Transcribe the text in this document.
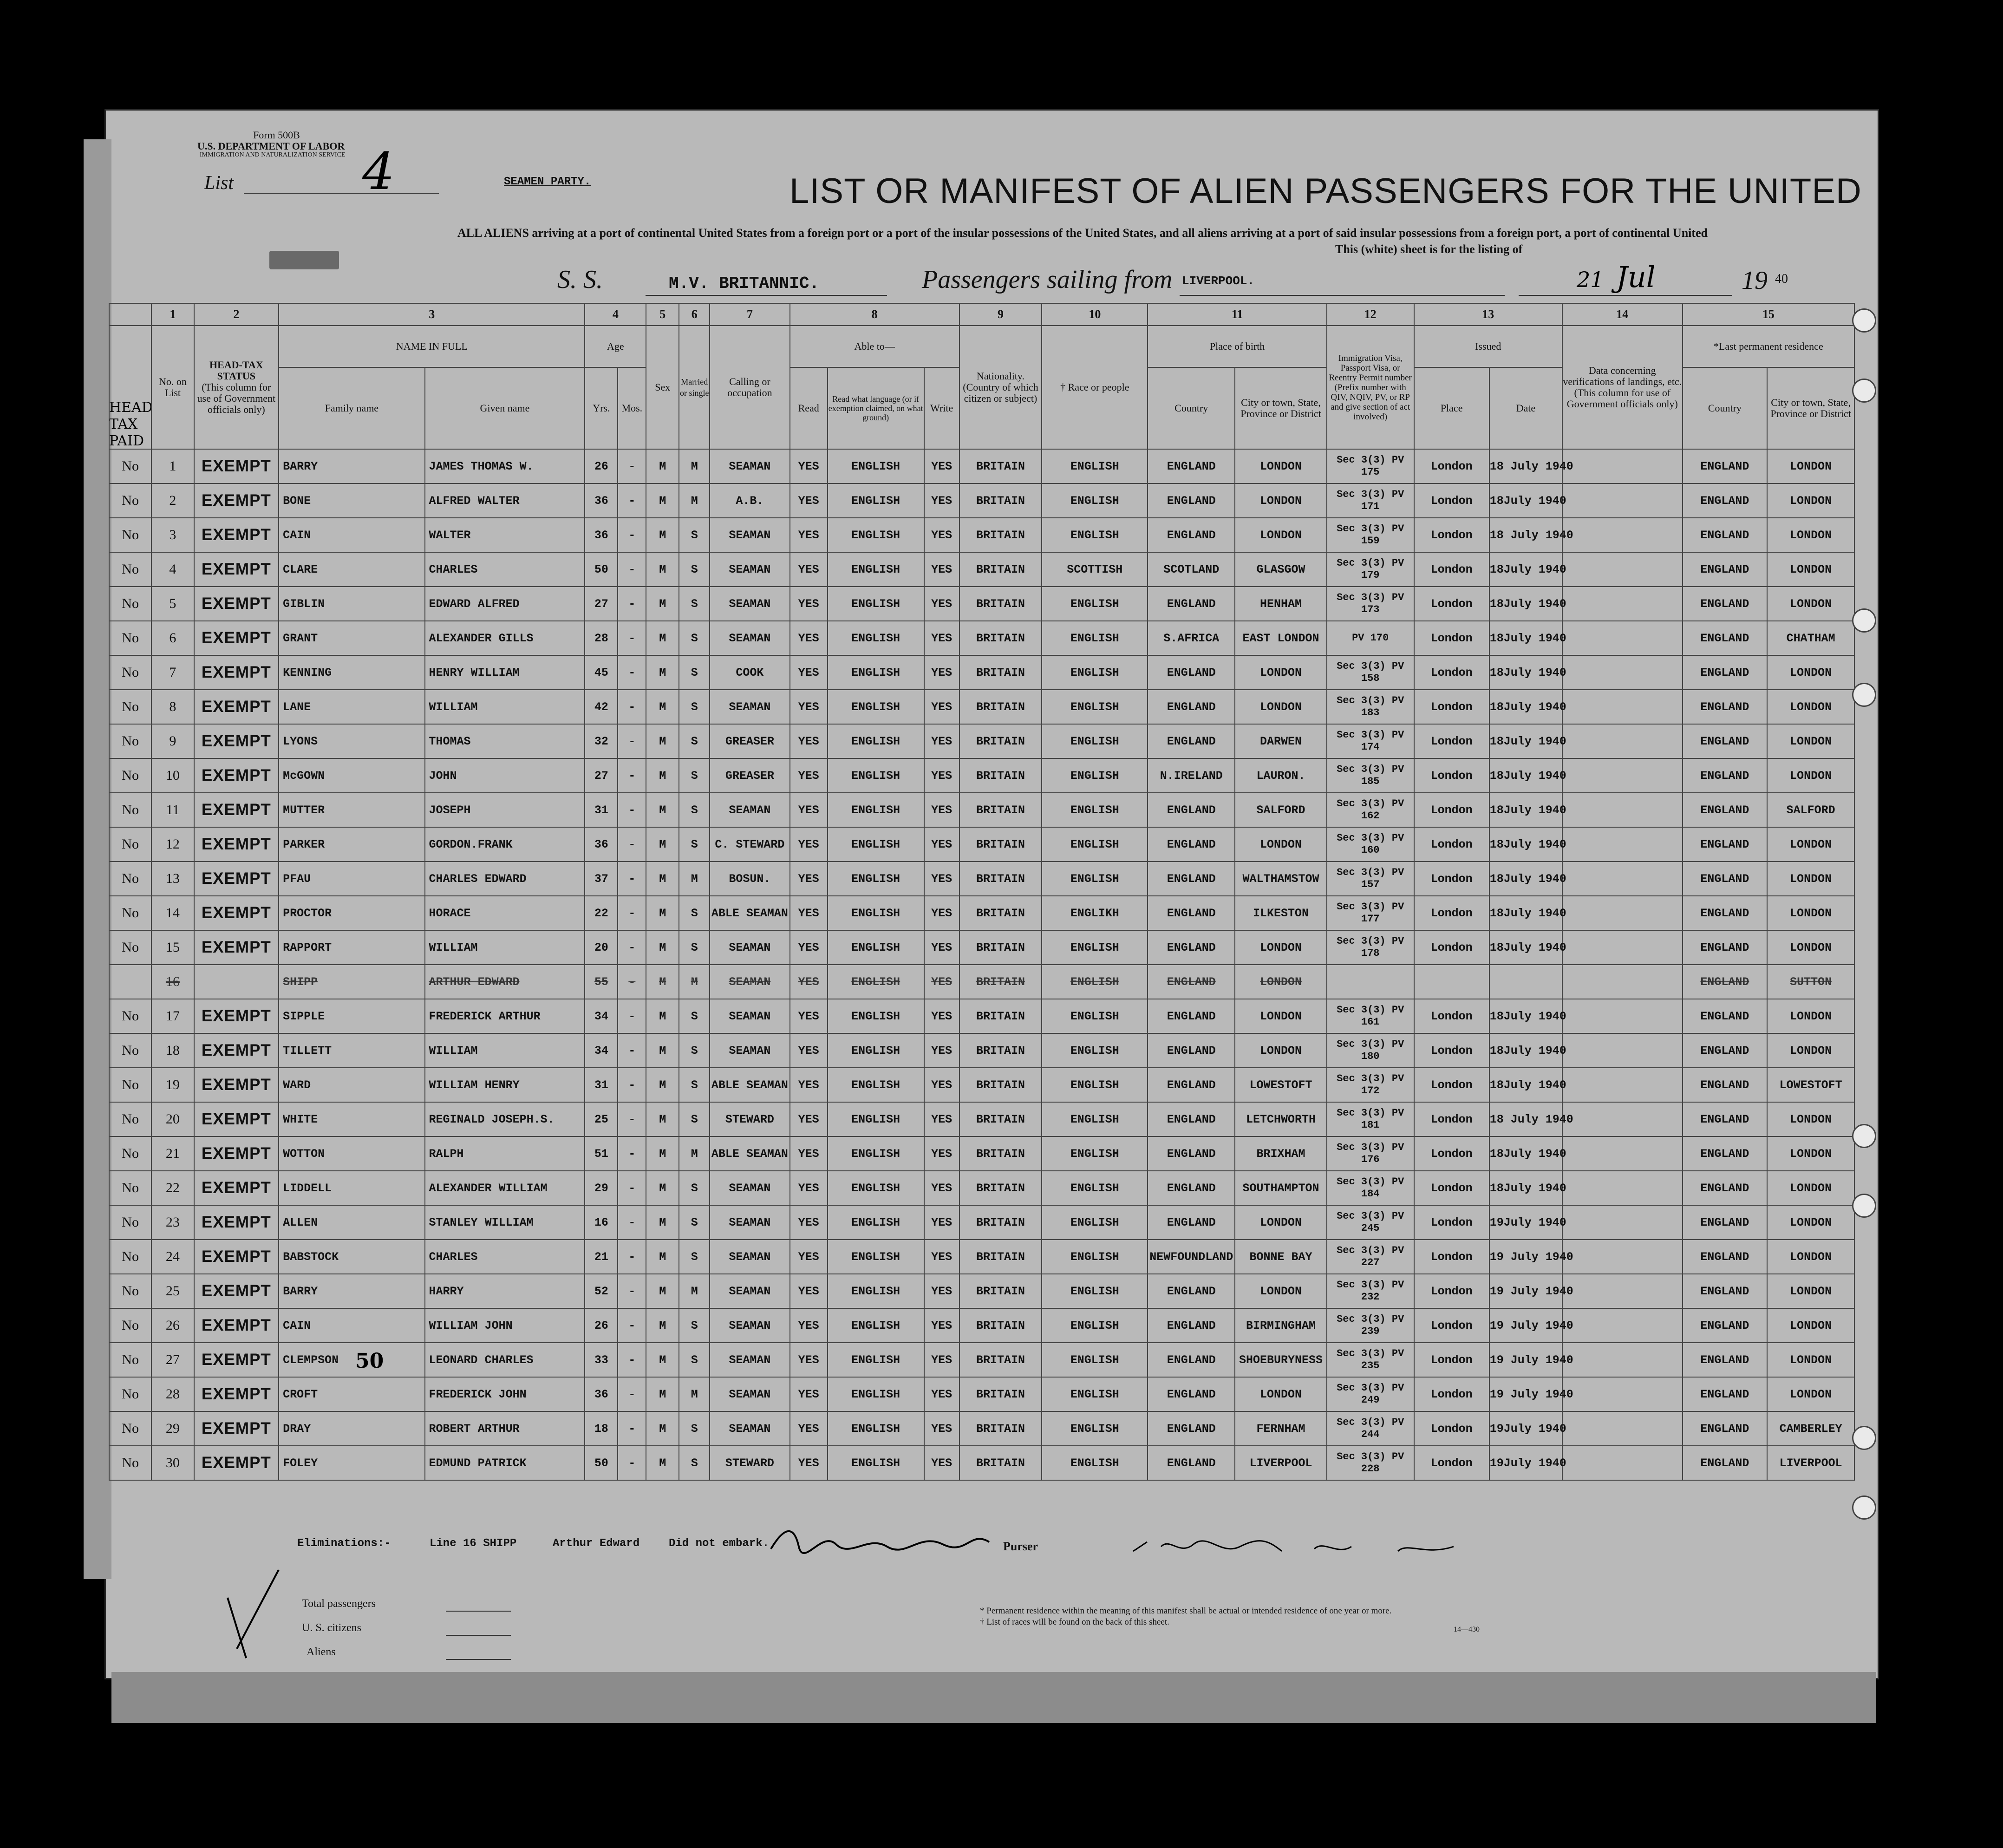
Form 500B
U.S. DEPARTMENT OF LABOR
IMMIGRATION AND NATURALIZATION SERVICE
List	4	SEAMEN PARTY.	LIST OR MANIFEST OF ALIEN PASSENGERS FOR THE UNITED
ALL ALIENS arriving at a port of continental United States from a foreign port or a port of the insular possessions of the United States, and all aliens arriving at a port of said insular possessions from a foreign port, a port of continental United
This (white) sheet is for the listing of
S. S.	M.V. BRITANNIC.	Passengers sailing from LIVERPOOL.	21 Jul	19 40
HEAD TAX PAID
	1	2	3		4		5	6	7	8			9	10	11		12	13		14	15	
	No. on List	HEAD-TAX STATUS
(This column for use of Government officials only)	NAME IN FULL		Age		Sex	Married or single	Calling or occupation	Able to—			Nationality. (Country of which citizen or subject)	† Race or people	Place of birth		Immigration Visa, Passport Visa, or Reentry Permit number
(Prefix number with QIV, NQIV, PV, or RP and give section of act involved)	Issued		Data concerning verifications of landings, etc.
(This column for use of Government officials only)	*Last permanent residence	
			Family name	Given name	Yrs.	Mos.				Read	Read what language (or if exemption claimed, on what ground)	Write			Country	City or town, State, Province or District		Place	Date		Country	City or town, State, Province or District
No	1	EXEMPT	BARRY	JAMES THOMAS W.	26	-	M	M	SEAMAN	YES	ENGLISH	YES	BRITAIN	ENGLISH	ENGLAND	LONDON	Sec 3(3) PV 175	London	18 July 1940		ENGLAND	LONDON
No	2	EXEMPT	BONE	ALFRED WALTER	36	-	M	M	A.B.	YES	ENGLISH	YES	BRITAIN	ENGLISH	ENGLAND	LONDON	Sec 3(3) PV 171	London	18July 1940		ENGLAND	LONDON
No	3	EXEMPT	CAIN	WALTER	36	-	M	S	SEAMAN	YES	ENGLISH	YES	BRITAIN	ENGLISH	ENGLAND	LONDON	Sec 3(3) PV 159	London	18 July 1940		ENGLAND	LONDON
No	4	EXEMPT	CLARE	CHARLES	50	-	M	S	SEAMAN	YES	ENGLISH	YES	BRITAIN	SCOTTISH	SCOTLAND	GLASGOW	Sec 3(3) PV 179	London	18July 1940		ENGLAND	LONDON
No	5	EXEMPT	GIBLIN	EDWARD ALFRED	27	-	M	S	SEAMAN	YES	ENGLISH	YES	BRITAIN	ENGLISH	ENGLAND	HENHAM	Sec 3(3) PV 173	London	18July 1940		ENGLAND	LONDON
No	6	EXEMPT	GRANT	ALEXANDER GILLS	28	-	M	S	SEAMAN	YES	ENGLISH	YES	BRITAIN	ENGLISH	S.AFRICA	EAST LONDON	PV 170	London	18July 1940		ENGLAND	CHATHAM
No	7	EXEMPT	KENNING	HENRY WILLIAM	45	-	M	S	COOK	YES	ENGLISH	YES	BRITAIN	ENGLISH	ENGLAND	LONDON	Sec 3(3) PV 158	London	18July 1940		ENGLAND	LONDON
No	8	EXEMPT	LANE	WILLIAM	42	-	M	S	SEAMAN	YES	ENGLISH	YES	BRITAIN	ENGLISH	ENGLAND	LONDON	Sec 3(3) PV 183	London	18July 1940		ENGLAND	LONDON
No	9	EXEMPT	LYONS	THOMAS	32	-	M	S	GREASER	YES	ENGLISH	YES	BRITAIN	ENGLISH	ENGLAND	DARWEN	Sec 3(3) PV 174	London	18July 1940		ENGLAND	LONDON
No	10	EXEMPT	McGOWN	JOHN	27	-	M	S	GREASER	YES	ENGLISH	YES	BRITAIN	ENGLISH	N.IRELAND	LAURON.	Sec 3(3) PV 185	London	18July 1940		ENGLAND	LONDON
No	11	EXEMPT	MUTTER	JOSEPH	31	-	M	S	SEAMAN	YES	ENGLISH	YES	BRITAIN	ENGLISH	ENGLAND	SALFORD	Sec 3(3) PV 162	London	18July 1940		ENGLAND	SALFORD
No	12	EXEMPT	PARKER	GORDON.FRANK	36	-	M	S	C. STEWARD	YES	ENGLISH	YES	BRITAIN	ENGLISH	ENGLAND	LONDON	Sec 3(3) PV 160	London	18July 1940		ENGLAND	LONDON
No	13	EXEMPT	PFAU	CHARLES EDWARD	37	-	M	M	BOSUN.	YES	ENGLISH	YES	BRITAIN	ENGLISH	ENGLAND	WALTHAMSTOW	Sec 3(3) PV 157	London	18July 1940		ENGLAND	LONDON
No	14	EXEMPT	PROCTOR	HORACE	22	-	M	S	ABLE SEAMAN	YES	ENGLISH	YES	BRITAIN	ENGLIKH	ENGLAND	ILKESTON	Sec 3(3) PV 177	London	18July 1940		ENGLAND	LONDON
No	15	EXEMPT	RAPPORT	WILLIAM	20	-	M	S	SEAMAN	YES	ENGLISH	YES	BRITAIN	ENGLISH	ENGLAND	LONDON	Sec 3(3) PV 178	London	18July 1940		ENGLAND	LONDON
	16		SHIPP	ARTHUR EDWARD	55	-	M	M	SEAMAN	YES	ENGLISH	YES	BRITAIN	ENGLISH	ENGLAND	LONDON					ENGLAND	SUTTON
No	17	EXEMPT	SIPPLE	FREDERICK ARTHUR	34	-	M	S	SEAMAN	YES	ENGLISH	YES	BRITAIN	ENGLISH	ENGLAND	LONDON	Sec 3(3) PV 161	London	18July 1940		ENGLAND	LONDON
No	18	EXEMPT	TILLETT	WILLIAM	34	-	M	S	SEAMAN	YES	ENGLISH	YES	BRITAIN	ENGLISH	ENGLAND	LONDON	Sec 3(3) PV 180	London	18July 1940		ENGLAND	LONDON
No	19	EXEMPT	WARD	WILLIAM HENRY	31	-	M	S	ABLE SEAMAN	YES	ENGLISH	YES	BRITAIN	ENGLISH	ENGLAND	LOWESTOFT	Sec 3(3) PV 172	London	18July 1940		ENGLAND	LOWESTOFT
No	20	EXEMPT	WHITE	REGINALD JOSEPH.S.	25	-	M	S	STEWARD	YES	ENGLISH	YES	BRITAIN	ENGLISH	ENGLAND	LETCHWORTH	Sec 3(3) PV 181	London	18 July 1940		ENGLAND	LONDON
No	21	EXEMPT	WOTTON	RALPH	51	-	M	M	ABLE SEAMAN	YES	ENGLISH	YES	BRITAIN	ENGLISH	ENGLAND	BRIXHAM	Sec 3(3) PV 176	London	18July 1940		ENGLAND	LONDON
No	22	EXEMPT	LIDDELL	ALEXANDER WILLIAM	29	-	M	S	SEAMAN	YES	ENGLISH	YES	BRITAIN	ENGLISH	ENGLAND	SOUTHAMPTON	Sec 3(3) PV 184	London	18July 1940		ENGLAND	LONDON
No	23	EXEMPT	ALLEN	STANLEY WILLIAM	16	-	M	S	SEAMAN	YES	ENGLISH	YES	BRITAIN	ENGLISH	ENGLAND	LONDON	Sec 3(3) PV 245	London	19July 1940		ENGLAND	LONDON
No	24	EXEMPT	BABSTOCK	CHARLES	21	-	M	S	SEAMAN	YES	ENGLISH	YES	BRITAIN	ENGLISH	NEWFOUNDLAND	BONNE BAY	Sec 3(3) PV 227	London	19 July 1940		ENGLAND	LONDON
No	25	EXEMPT	BARRY	HARRY	52	-	M	M	SEAMAN	YES	ENGLISH	YES	BRITAIN	ENGLISH	ENGLAND	LONDON	Sec 3(3) PV 232	London	19 July 1940		ENGLAND	LONDON
No	26	EXEMPT	CAIN	WILLIAM JOHN	26	-	M	S	SEAMAN	YES	ENGLISH	YES	BRITAIN	ENGLISH	ENGLAND	BIRMINGHAM	Sec 3(3) PV 239	London	19 July 1940		ENGLAND	LONDON
No	27	EXEMPT	CLEMPSON	LEONARD CHARLES	33	-	M	S	SEAMAN	YES	ENGLISH	YES	BRITAIN	ENGLISH	ENGLAND	SHOEBURYNESS	Sec 3(3) PV 235	London	19 July 1940		ENGLAND	LONDON
No	28	EXEMPT	CROFT	FREDERICK JOHN	36	-	M	M	SEAMAN	YES	ENGLISH	YES	BRITAIN	ENGLISH	ENGLAND	LONDON	Sec 3(3) PV 249	London	19 July 1940		ENGLAND	LONDON
No	29	EXEMPT	DRAY	ROBERT ARTHUR	18	-	M	S	SEAMAN	YES	ENGLISH	YES	BRITAIN	ENGLISH	ENGLAND	FERNHAM	Sec 3(3) PV 244	London	19July 1940		ENGLAND	CAMBERLEY
No	30	EXEMPT	FOLEY	EDMUND PATRICK	50	-	M	S	STEWARD	YES	ENGLISH	YES	BRITAIN	ENGLISH	ENGLAND	LIVERPOOL	Sec 3(3) PV 228	London	19July 1940		ENGLAND	LIVERPOOL
Eliminations:-	Line 16 SHIPP	Arthur Edward	Did not embark.	Purser
Total passengers
U. S. citizens
Aliens
* Permanent residence within the meaning of this manifest shall be actual or intended residence of one year or more.
† List of races will be found on the back of this sheet.
14—430
50
